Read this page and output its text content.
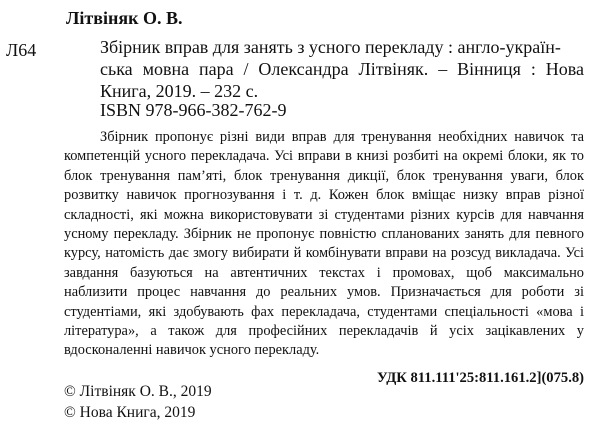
Літвіняк О. В.
Л64	Збірник вправ для занять з усного перекладу : англо-україн-
ська мовна пара / Олександра Літвіняк. – Вінниця : Нова Книга, 2019. – 232 с.
ISBN 978-966-382-762-9
Збірник пропонує різні види вправ для тренування необхідних навичок та компетенцій усного перекладача. Усі вправи в книзі розбиті на окремі блоки, як то блок тренування пам’яті, блок тренування дикції, блок тренування уваги, блок розвитку навичок прогнозування і т. д. Кожен блок вміщає низку вправ різної складності, які можна використовувати зі студентами різних курсів для навчання усному перекладу. Збірник не пропонує повністю спланованих занять для певного курсу, натомість дає змогу вибирати й комбінувати вправи на розсуд викладача. Усі завдання базуються на автентичних текстах і промовах, щоб максимально наблизити процес навчання до реальних умов. Призначається для роботи зі студентіами, які здобувають фах перекладача, студентами спеціальності «мова і література», а також для професійних перекладачів й усіх зацікавлених у вдосконаленні навичок усного перекладу.
УДК 811.111'25:811.161.2](075.8)
© Літвіняк О. В., 2019
© Нова Книга, 2019
